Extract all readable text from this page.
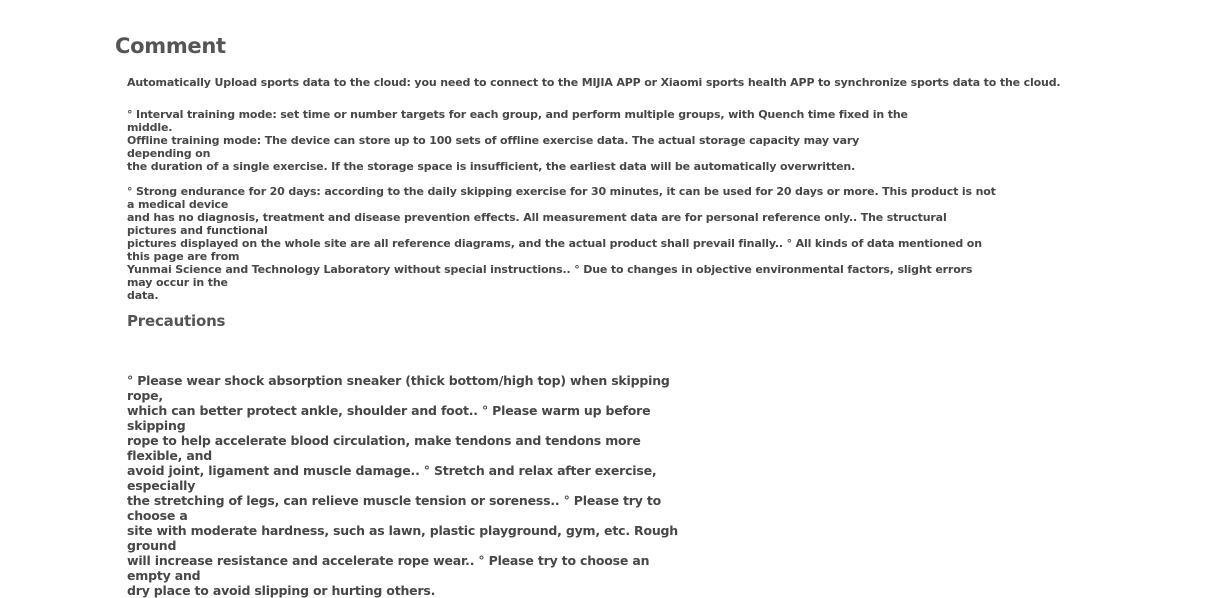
Comment

Automatically Upload sports data to the cloud: you need to connect to the MIJIA APP or Xiaomi sports health APP to synchronize sports data to the cloud.

° Interval training mode: set time or number targets for each group, and perform multiple groups, with Quench time fixed in the middle.
Offline training mode: The device can store up to 100 sets of offline exercise data. The actual storage capacity may vary depending on
the duration of a single exercise. If the storage space is insufficient, the earliest data will be automatically overwritten.

° Strong endurance for 20 days: according to the daily skipping exercise for 30 minutes, it can be used for 20 days or more. This product is not a medical device
and has no diagnosis, treatment and disease prevention effects. All measurement data are for personal reference only.. The structural pictures and functional
pictures displayed on the whole site are all reference diagrams, and the actual product shall prevail finally.. ° All kinds of data mentioned on this page are from
Yunmai Science and Technology Laboratory without special instructions.. ° Due to changes in objective environmental factors, slight errors may occur in the
data.

Precautions

° Please wear shock absorption sneaker (thick bottom/high top) when skipping rope,
which can better protect ankle, shoulder and foot.. ° Please warm up before skipping
rope to help accelerate blood circulation, make tendons and tendons more flexible, and
avoid joint, ligament and muscle damage.. ° Stretch and relax after exercise, especially
the stretching of legs, can relieve muscle tension or soreness.. ° Please try to choose a
site with moderate hardness, such as lawn, plastic playground, gym, etc. Rough ground
will increase resistance and accelerate rope wear.. ° Please try to choose an empty and
dry place to avoid slipping or hurting others.
